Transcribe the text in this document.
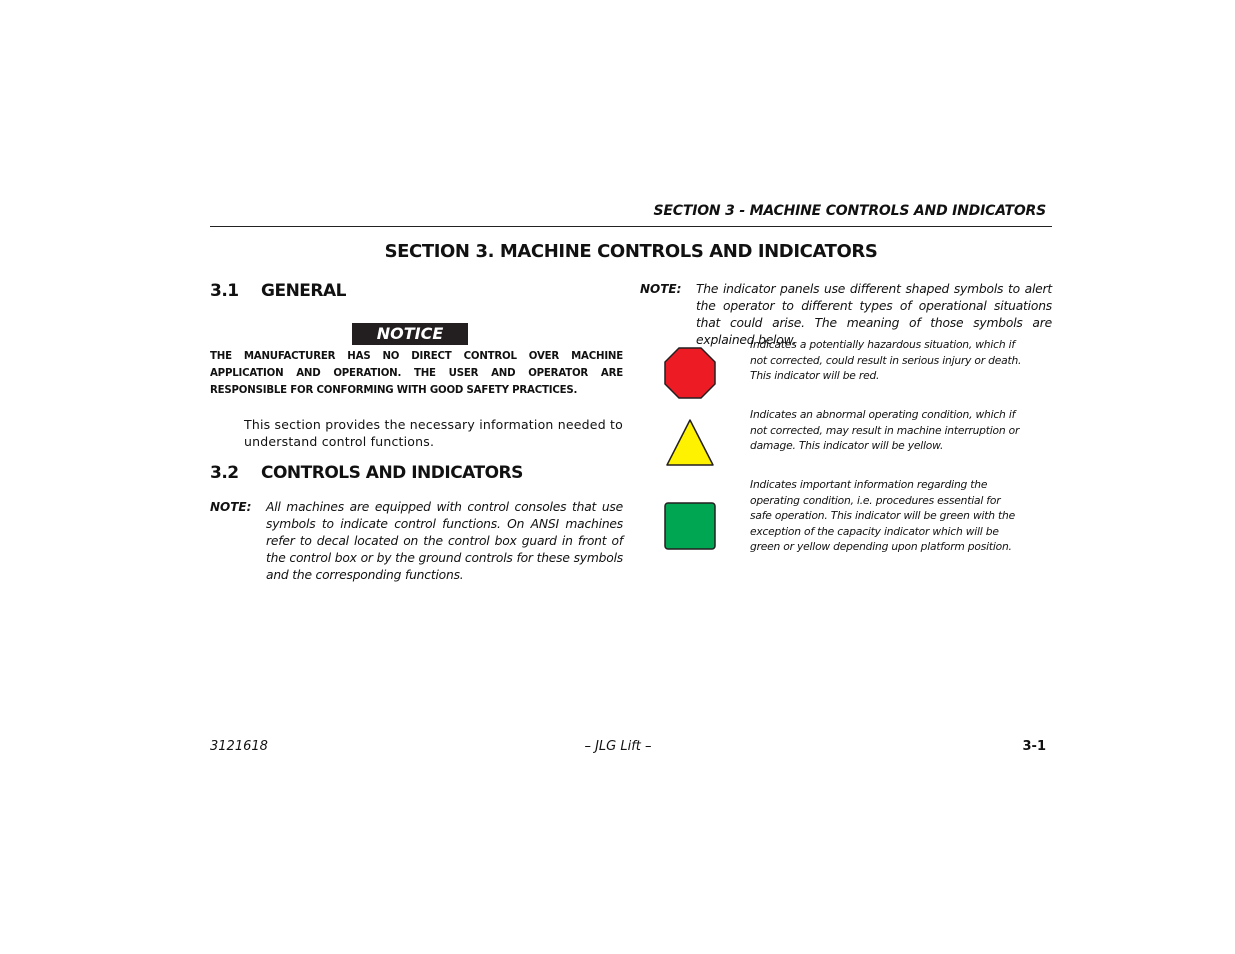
SECTION 3 - MACHINE CONTROLS AND INDICATORS
SECTION 3. MACHINE CONTROLS AND INDICATORS
3.1 GENERAL
NOTICE
THE MANUFACTURER HAS NO DIRECT CONTROL OVER MACHINE APPLICATION AND OPERATION. THE USER AND OPERATOR ARE RESPONSIBLE FOR CONFORMING WITH GOOD SAFETY PRACTICES.
This section provides the necessary information needed to understand control functions.
3.2 CONTROLS AND INDICATORS
NOTE: All machines are equipped with control consoles that use symbols to indicate control functions. On ANSI machines refer to decal located on the control box guard in front of the control box or by the ground controls for these symbols and the corresponding functions.
NOTE: The indicator panels use different shaped symbols to alert the operator to different types of operational situations that could arise. The meaning of those symbols are explained below.
Indicates a potentially hazardous situation, which if not corrected, could result in serious injury or death. This indicator will be red.
Indicates an abnormal operating condition, which if not corrected, may result in machine interruption or damage. This indicator will be yellow.
Indicates important information regarding the operating condition, i.e. procedures essential for safe operation. This indicator will be green with the exception of the capacity indicator which will be green or yellow depending upon platform position.
3121618	– JLG Lift –	3-1
